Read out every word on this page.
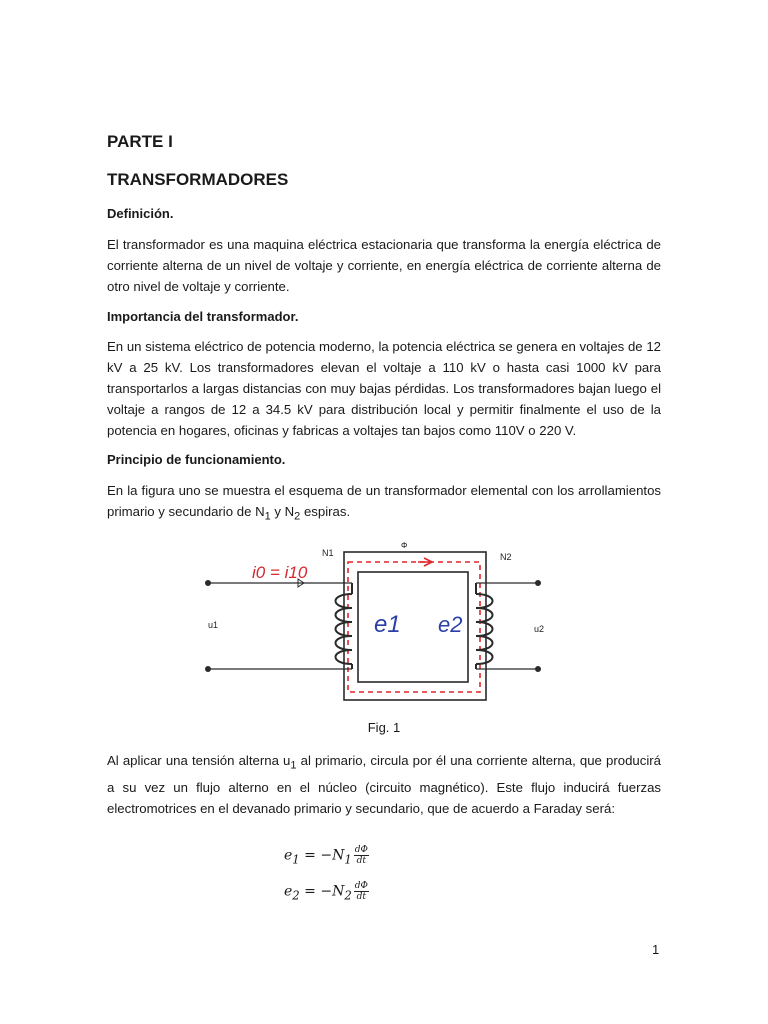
PARTE I
TRANSFORMADORES
Definición.

El transformador es una maquina eléctrica estacionaria que transforma la energía eléctrica de corriente alterna de un nivel de voltaje y corriente, en energía eléctrica de corriente alterna de otro nivel de voltaje y corriente.

Importancia del transformador.

En un sistema eléctrico de potencia moderno, la potencia eléctrica se genera en voltajes de 12 kV a 25 kV. Los transformadores elevan el voltaje a 110 kV o hasta casi 1000 kV para transportarlos a largas distancias con muy bajas pérdidas. Los transformadores bajan luego el voltaje a rangos de 12 a 34.5 kV para distribución local y permitir finalmente el uso de la potencia en hogares, oficinas y fabricas a voltajes tan bajos como 110V o 220 V.

Principio de funcionamiento.

En la figura uno se muestra el esquema de un transformador elemental con los arrollamientos primario y secundario de $N_1$ y $N_2$ espiras.

N1	N2
Φ
u1	u2
i0 = i10
e1 e2
Fig. 1

Al aplicar una tensión alterna $u_1$ al primario, circula por él una corriente alterna, que producirá a su vez un flujo alterno en el núcleo (circuito magnético). Este flujo inducirá fuerzas electromotrices en el devanado primario y secundario, que de acuerdo a Faraday será:

$e_1 = -N_1 \frac{d\Phi}{dt}$
$e_2 = -N_2 \frac{d\Phi}{dt}$
1
